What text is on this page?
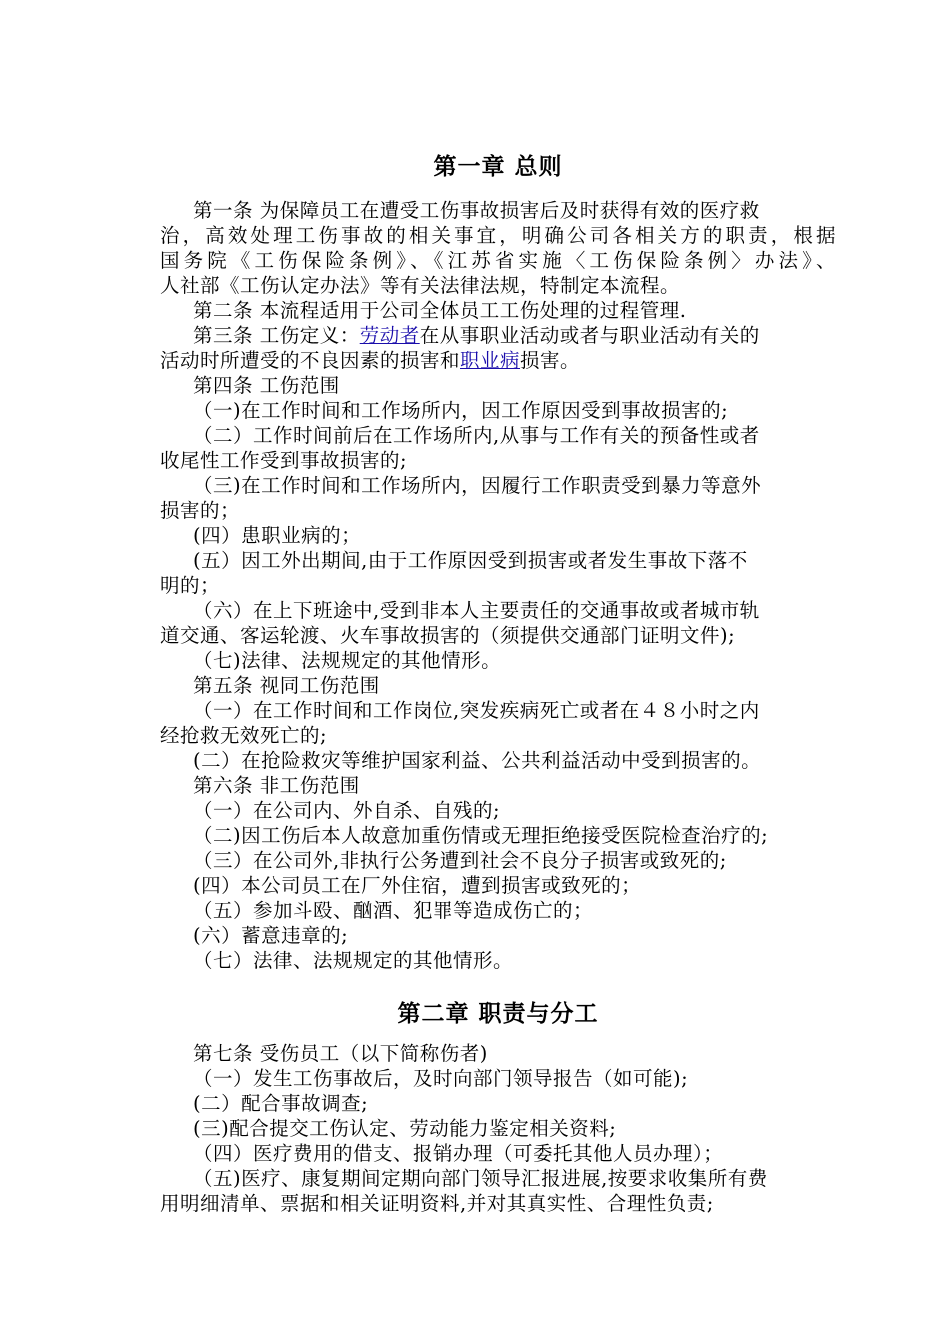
第一章 总则
第一条 为保障员工在遭受工伤事故损害后及时获得有效的医疗救
治，高效处理工伤事故的相关事宜，明确公司各相关方的职责，根据
国务院《工伤保险条例》、《江苏省实施〈工伤保险条例〉办法》、
人社部《工伤认定办法》等有关法律法规，特制定本流程。
第二条 本流程适用于公司全体员工工伤处理的过程管理.
第三条 工伤定义：劳动者在从事职业活动或者与职业活动有关的
活动时所遭受的不良因素的损害和职业病损害。
第四条 工伤范围
（一)在工作时间和工作场所内，因工作原因受到事故损害的;
（二）工作时间前后在工作场所内,从事与工作有关的预备性或者
收尾性工作受到事故损害的;
（三)在工作时间和工作场所内，因履行工作职责受到暴力等意外
损害的；
(四）患职业病的；
(五）因工外出期间,由于工作原因受到损害或者发生事故下落不
明的；
（六）在上下班途中,受到非本人主要责任的交通事故或者城市轨
道交通、客运轮渡、火车事故损害的（须提供交通部门证明文件);
（七)法律、法规规定的其他情形。
第五条 视同工伤范围
（一）在工作时间和工作岗位,突发疾病死亡或者在４８小时之内
经抢救无效死亡的;
(二）在抢险救灾等维护国家利益、公共利益活动中受到损害的。
第六条 非工伤范围
（一）在公司内、外自杀、自残的;
（二)因工伤后本人故意加重伤情或无理拒绝接受医院检查治疗的;
（三）在公司外,非执行公务遭到社会不良分子损害或致死的;
(四）本公司员工在厂外住宿，遭到损害或致死的；
（五）参加斗殴、酗酒、犯罪等造成伤亡的；
(六）蓄意违章的;
（七）法律、法规规定的其他情形。
第二章 职责与分工
第七条 受伤员工（以下简称伤者)
（一）发生工伤事故后，及时向部门领导报告（如可能);
(二）配合事故调查;
(三)配合提交工伤认定、劳动能力鉴定相关资料;
（四）医疗费用的借支、报销办理（可委托其他人员办理）；
（五)医疗、康复期间定期向部门领导汇报进展,按要求收集所有费
用明细清单、票据和相关证明资料,并对其真实性、合理性负责;
